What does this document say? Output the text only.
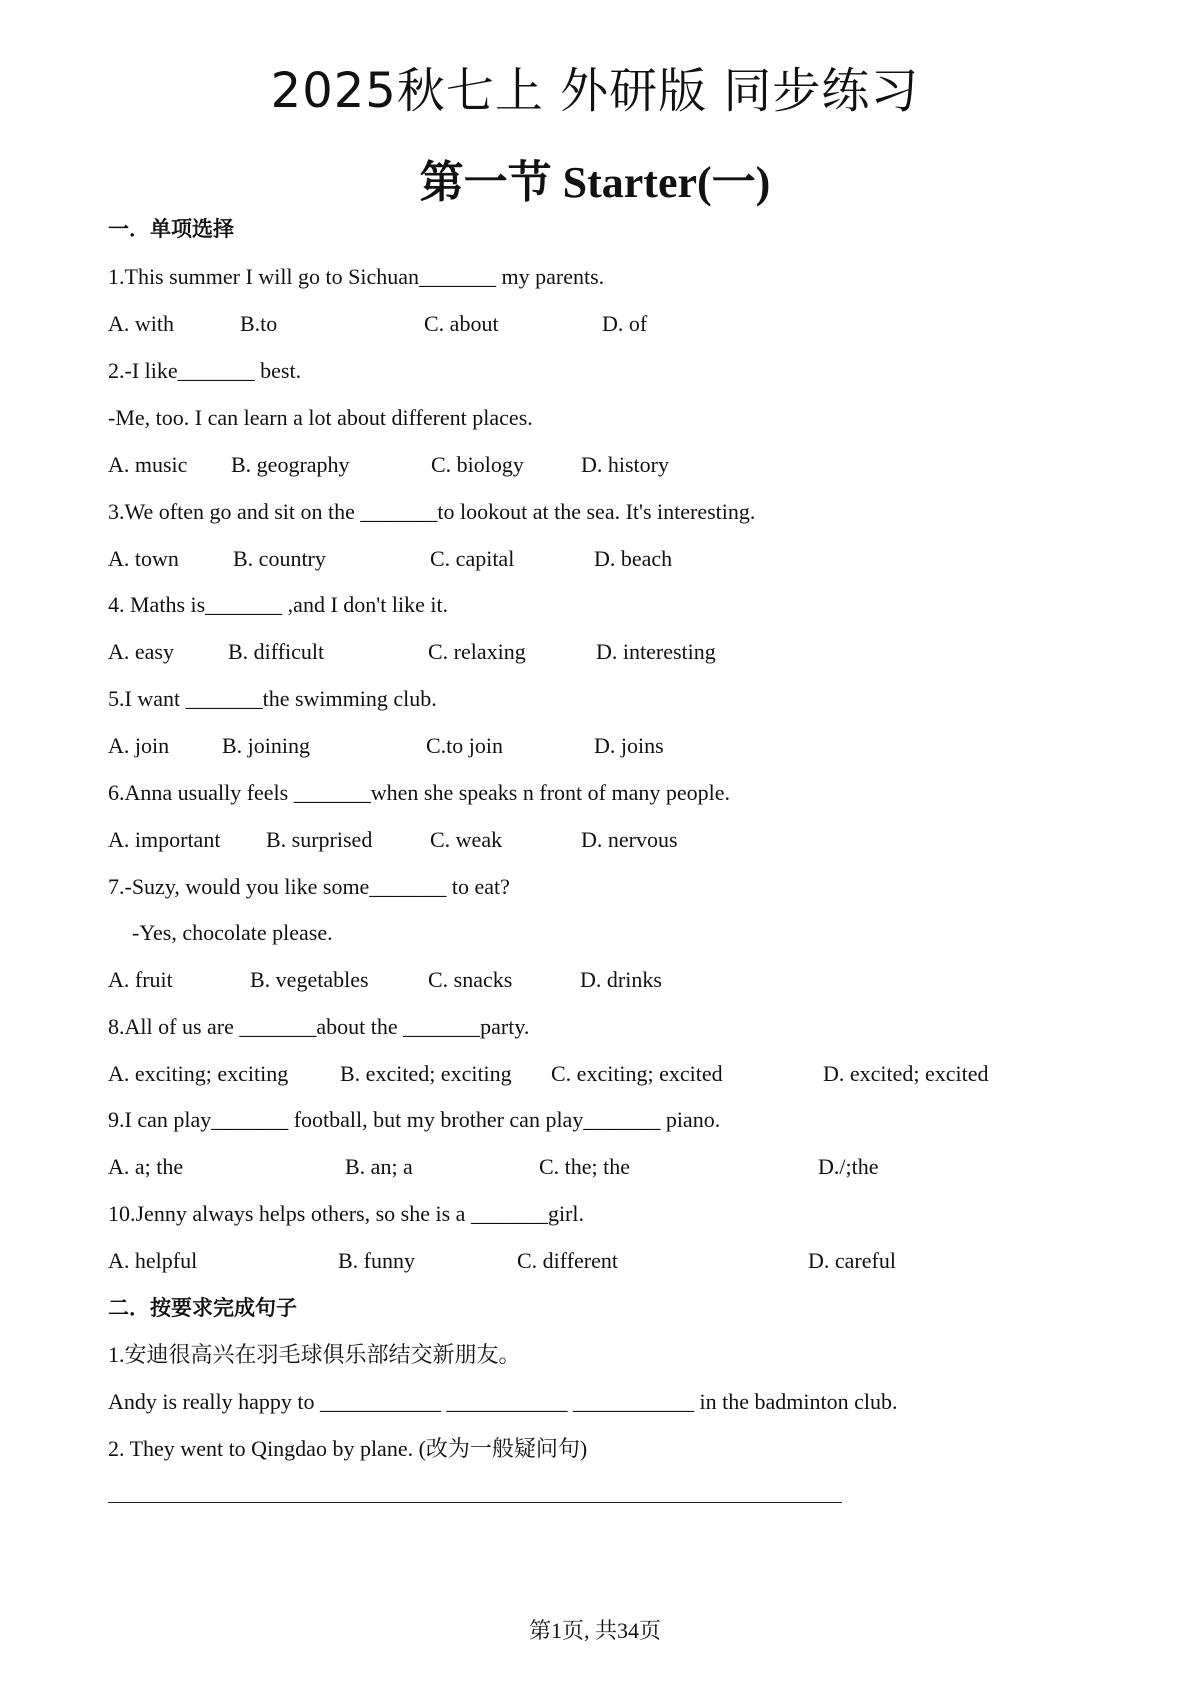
2025秋七上 外研版 同步练习
第一节 Starter(一)
一．单项选择
1.This summer I will go to Sichuan_______ my parents.
A. with	B.to	C. about	D. of
2.-I like_______ best.
-Me, too. I can learn a lot about different places.
A. music B. geography	C. biology	D. history
3.We often go and sit on the _______to lookout at the sea. It's interesting.
A. town B. country	C. capital	D. beach
4. Maths is_______ ,and I don't like it.
A. easy B. difficult	C. relaxing	D. interesting
5.I want _______the swimming club.
A. join B. joining	C.to join	D. joins
6.Anna usually feels _______when she speaks n front of many people.
A. important B. surprised	C. weak	D. nervous
7.-Suzy, would you like some_______ to eat?
-Yes, chocolate please.
A. fruit	B. vegetables	C. snacks	D. drinks
8.All of us are _______about the _______party.
A. exciting; exciting B. excited; exciting C. exciting; excited	D. excited; excited
9.I can play_______ football, but my brother can play_______ piano.
A. a; the	B. an; a	C. the; the	D./;the
10.Jenny always helps others, so she is a _______girl.
A. helpful	B. funny	C. different	D. careful
二．按要求完成句子
1.安迪很高兴在羽毛球俱乐部结交新朋友。
Andy is really happy to ___________ ___________ ___________ in the badminton club.
2. They went to Qingdao by plane. (改为一般疑问句)
第1页, 共34页
